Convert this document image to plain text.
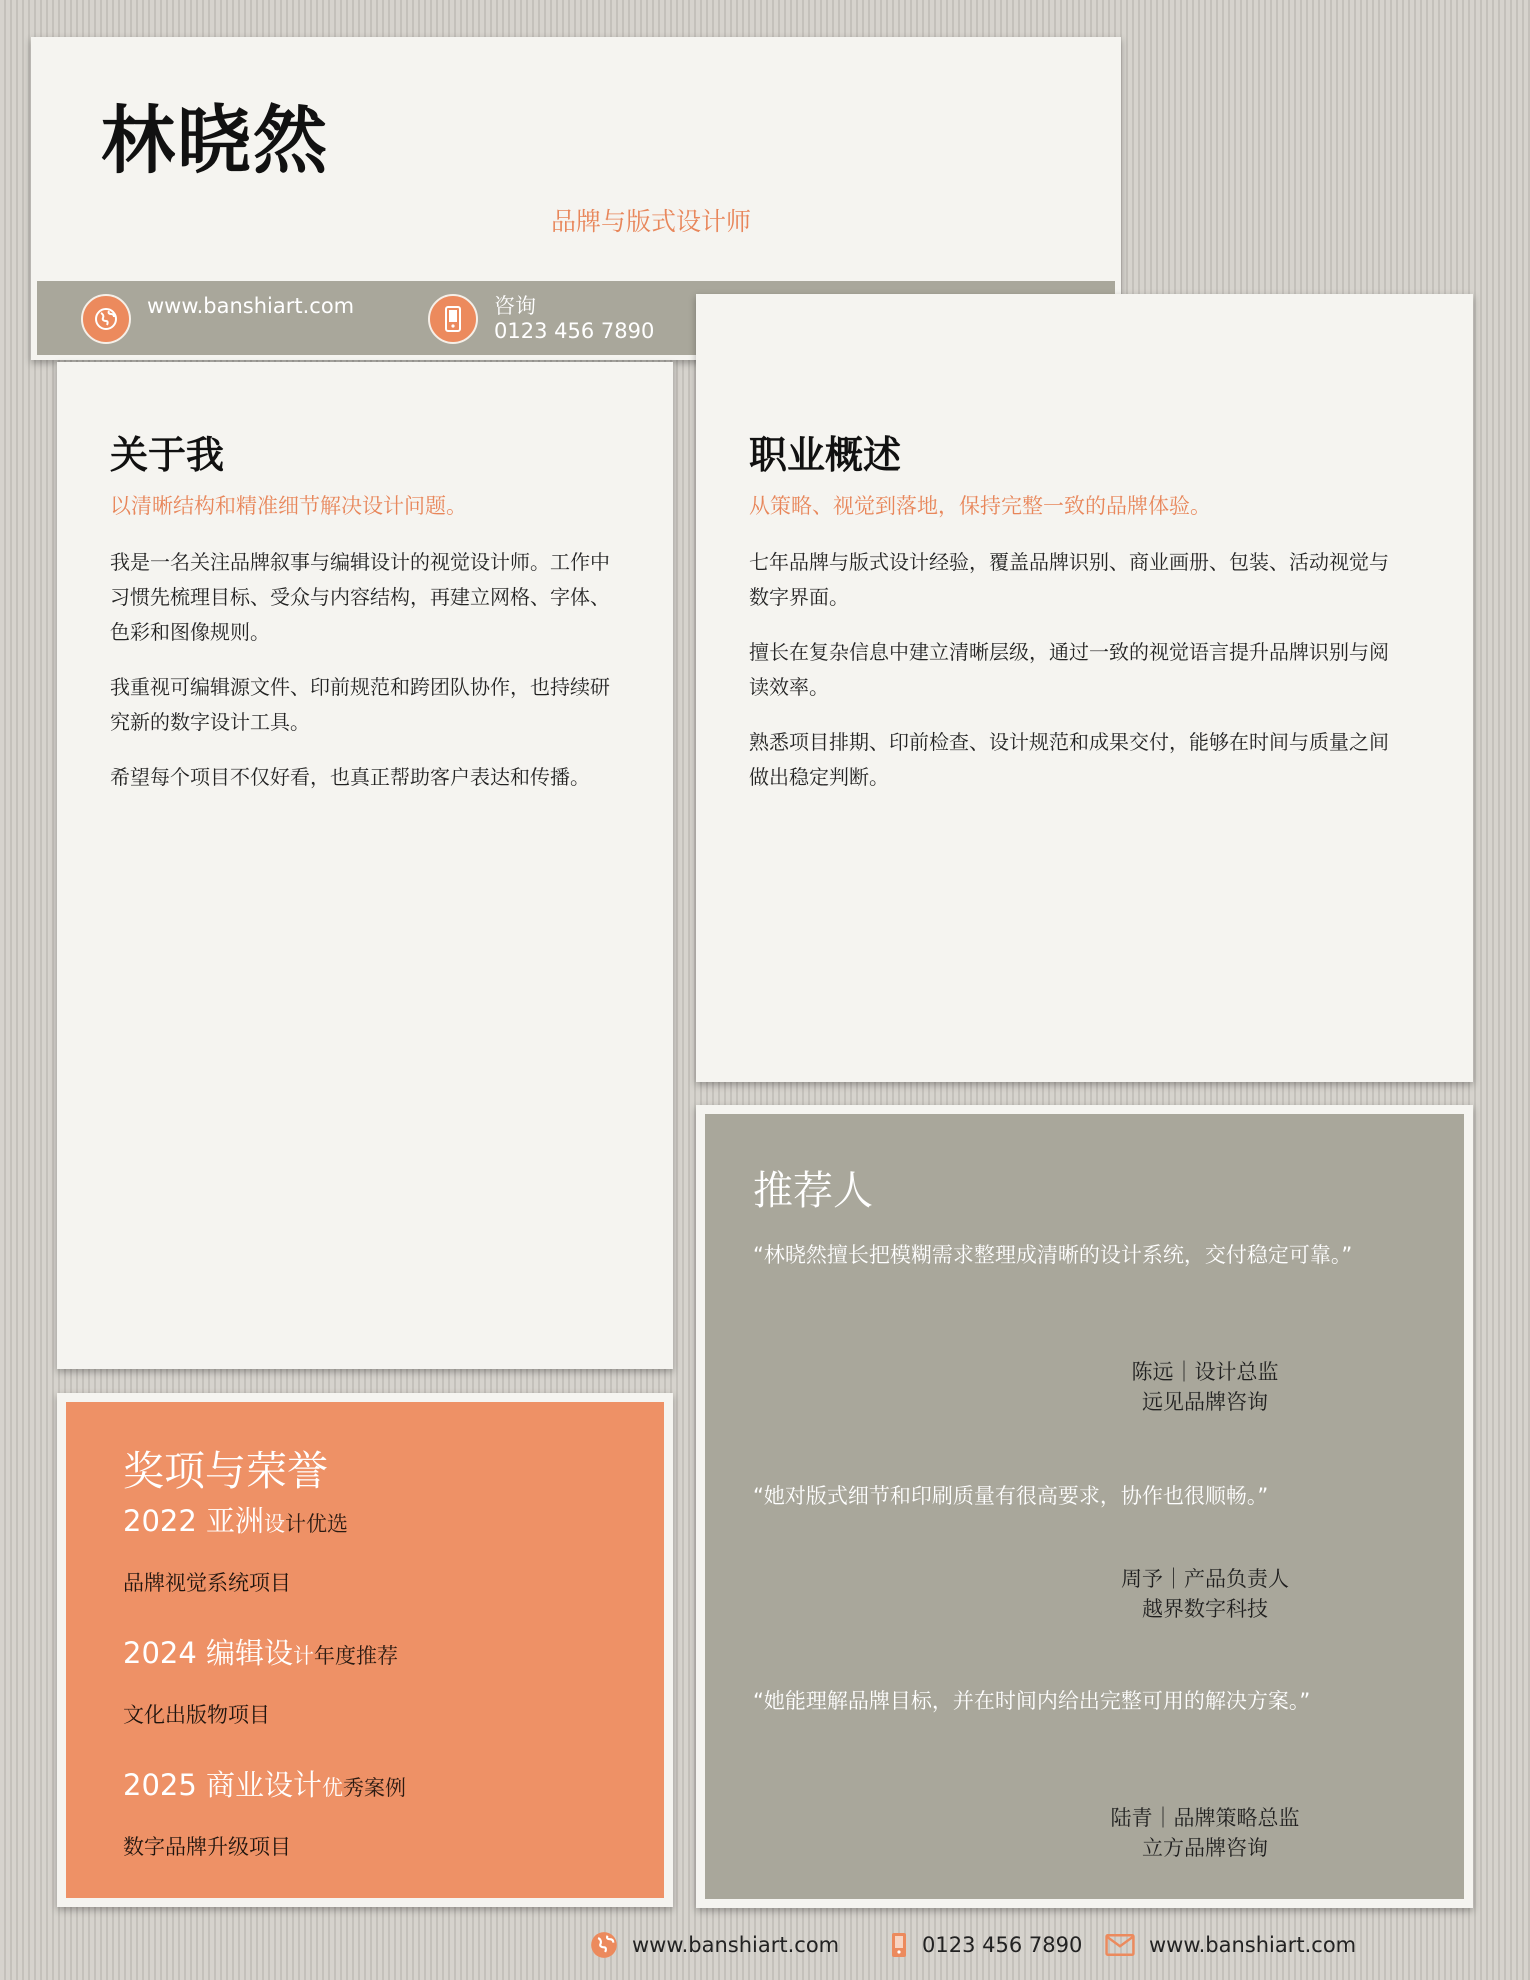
林晓然
品牌与版式设计师
www.banshiart.com	咨询
0123 456 7890
关于我
以清晰结构和精准细节解决设计问题。

我是一名关注品牌叙事与编辑设计的视觉设计师。工作中习惯先梳理目标、受众与内容结构，再建立网格、字体、色彩和图像规则。

我重视可编辑源文件、印前规范和跨团队协作，也持续研究新的数字设计工具。

希望每个项目不仅好看，也真正帮助客户表达和传播。

职业概述
从策略、视觉到落地，保持完整一致的品牌体验。

七年品牌与版式设计经验，覆盖品牌识别、商业画册、包装、活动视觉与数字界面。

擅长在复杂信息中建立清晰层级，通过一致的视觉语言提升品牌识别与阅读效率。

熟悉项目排期、印前检查、设计规范和成果交付，能够在时间与质量之间做出稳定判断。

奖项与荣誉
2022 亚洲设计优选
品牌视觉系统项目
2024 编辑设计年度推荐
文化出版物项目
2025 商业设计优秀案例
数字品牌升级项目
推荐人
“林晓然擅长把模糊需求整理成清晰的设计系统，交付稳定可靠。”
陈远｜设计总监
远见品牌咨询
“她对版式细节和印刷质量有很高要求，协作也很顺畅。”
周予｜产品负责人
越界数字科技
“她能理解品牌目标，并在时间内给出完整可用的解决方案。”
陆青｜品牌策略总监
立方品牌咨询
www.banshiart.com	0123 456 7890	www.banshiart.com
